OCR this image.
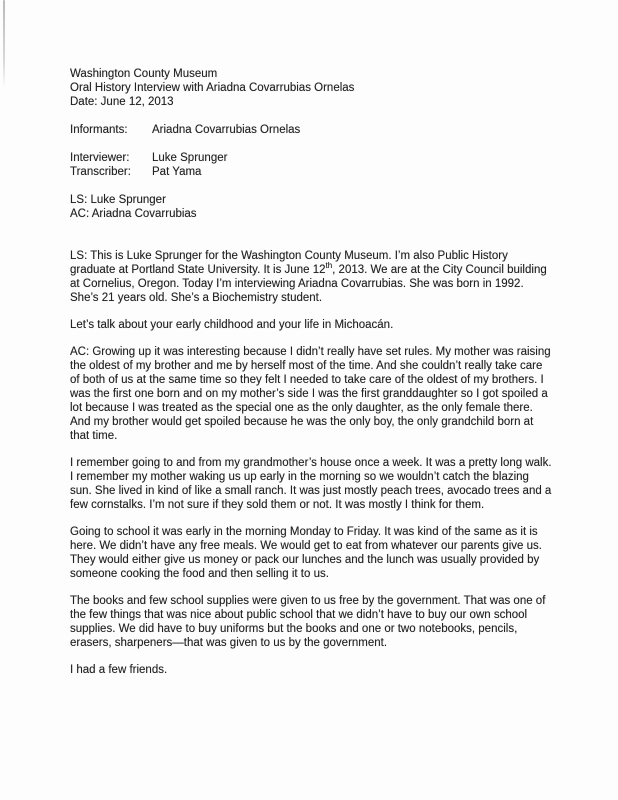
Washington County Museum
Oral History Interview with Ariadna Covarrubias Ornelas
Date: June 12, 2013
Informants:	Ariadna Covarrubias Ornelas
Interviewer:	Luke Sprunger
Transcriber:	Pat Yama
LS: Luke Sprunger
AC: Ariadna Covarrubias

LS: This is Luke Sprunger for the Washington County Museum. I’m also Public History graduate at Portland State University. It is June 12th, 2013. We are at the City Council building at Cornelius, Oregon. Today I’m interviewing Ariadna Covarrubias. She was born in 1992. She’s 21 years old. She’s a Biochemistry student.

Let’s talk about your early childhood and your life in Michoacán.

AC: Growing up it was interesting because I didn’t really have set rules. My mother was raising the oldest of my brother and me by herself most of the time. And she couldn’t really take care of both of us at the same time so they felt I needed to take care of the oldest of my brothers. I was the first one born and on my mother’s side I was the first granddaughter so I got spoiled a lot because I was treated as the special one as the only daughter, as the only female there. And my brother would get spoiled because he was the only boy, the only grandchild born at that time.

I remember going to and from my grandmother’s house once a week. It was a pretty long walk. I remember my mother waking us up early in the morning so we wouldn’t catch the blazing sun. She lived in kind of like a small ranch. It was just mostly peach trees, avocado trees and a few cornstalks. I’m not sure if they sold them or not. It was mostly I think for them.

Going to school it was early in the morning Monday to Friday. It was kind of the same as it is here. We didn’t have any free meals. We would get to eat from whatever our parents give us. They would either give us money or pack our lunches and the lunch was usually provided by someone cooking the food and then selling it to us.

The books and few school supplies were given to us free by the government. That was one of the few things that was nice about public school that we didn’t have to buy our own school supplies. We did have to buy uniforms but the books and one or two notebooks, pencils, erasers, sharpeners—that was given to us by the government.

I had a few friends.
